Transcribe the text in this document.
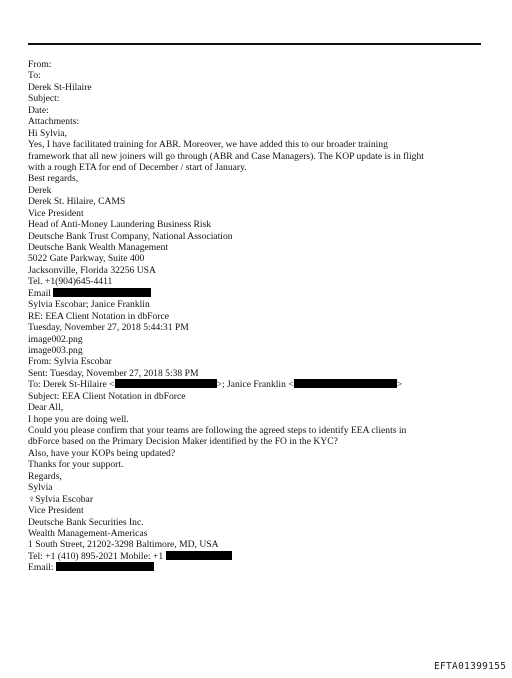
From:
To:
Derek St-Hilaire
Subject:
Date:
Attachments:
Hi Sylvia,
Yes, I have facilitated training for ABR. Moreover, we have added this to our broader training
framework that all new joiners will go through (ABR and Case Managers). The KOP update is in flight
with a rough ETA for end of December / start of January.
Best regards,
Derek
Derek St. Hilaire, CAMS
Vice President
Head of Anti-Money Laundering Business Risk
Deutsche Bank Trust Company, National Association
Deutsche Bank Wealth Management
5022 Gate Parkway, Suite 400
Jacksonville, Florida 32256 USA
Tel. +1(904)645-4411
Email
Sylvia Escobar; Janice Franklin
RE: EEA Client Notation in dbForce
Tuesday, November 27, 2018 5:44:31 PM
image002.png
image003.png
From: Sylvia Escobar
Sent: Tuesday, November 27, 2018 5:38 PM
To: Derek St-Hilaire <	>; Janice Franklin <	>
Subject: EEA Client Notation in dbForce
Dear All,
I hope you are doing well.
Could you please confirm that your teams are following the agreed steps to identify EEA clients in
dbForce based on the Primary Decision Maker identified by the FO in the KYC?
Also, have your KOPs being updated?
Thanks for your support.
Regards,
Sylvia
♀Sylvia Escobar
Vice President
Deutsche Bank Securities Inc.
Wealth Management-Americas
1 South Street, 21202-3298 Baltimore, MD, USA
Tel: +1 (410) 895-2021 Mobile: +1
Email:
EFTA01399155
